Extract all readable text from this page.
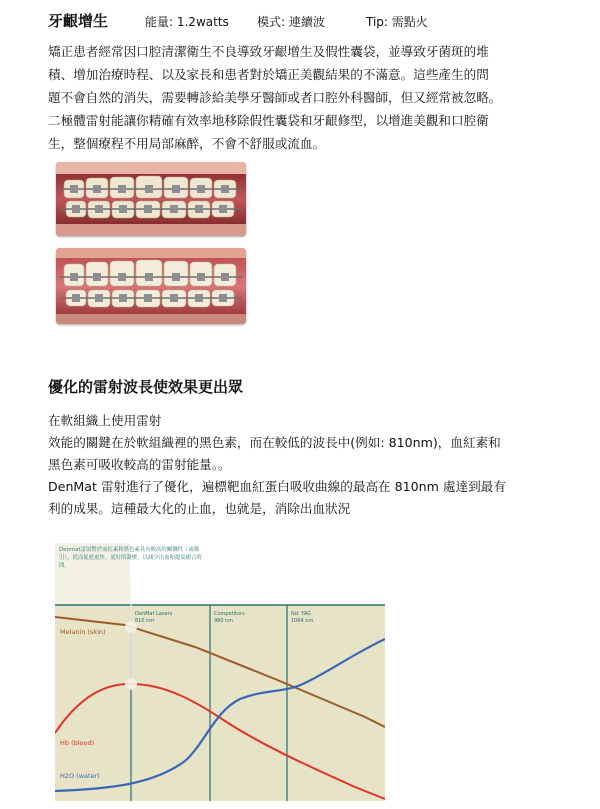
牙齦增生	能量: 1.2watts 模式: 連續波	Tip: 需點火
矯正患者經常因口腔清潔衛生不良導致牙齦增生及假性囊袋，並導致牙菌斑的堆
積、增加治療時程、以及家長和患者對於矯正美觀結果的不滿意。這些產生的問
題不會自然的消失，需要轉診給美學牙醫師或者口腔外科醫師，但又經常被忽略。
二極體雷射能讓你精確有效率地移除假性囊袋和牙齦修型，以增進美觀和口腔衛
生，整個療程不用局部麻醉，不會不舒服或流血。
優化的雷射波長使效果更出眾
在軟組織上使用雷射
效能的關鍵在於軟組織裡的黑色素，而在較低的波長中(例如: 810nm)，血紅素和
黑色素可吸收較高的雷射能量。。
DenMat 雷射進行了優化，遍標靶血紅蛋白吸收曲線的最高在 810nm 處達到最有
利的成果。這種最大化的止血，也就是，消除出血狀況
Denmat雷射對於血紅素和黑色素具有較高的關聯性（或吸引），從而促進更快、更好的凝聚，以減少出血和提高癒合時間。
DenMat Lasers
810 nm
Competitors
980 nm
Nd: YAG
1064 nm
Melanin (skin)
Hb (blood)
H2O (water)
